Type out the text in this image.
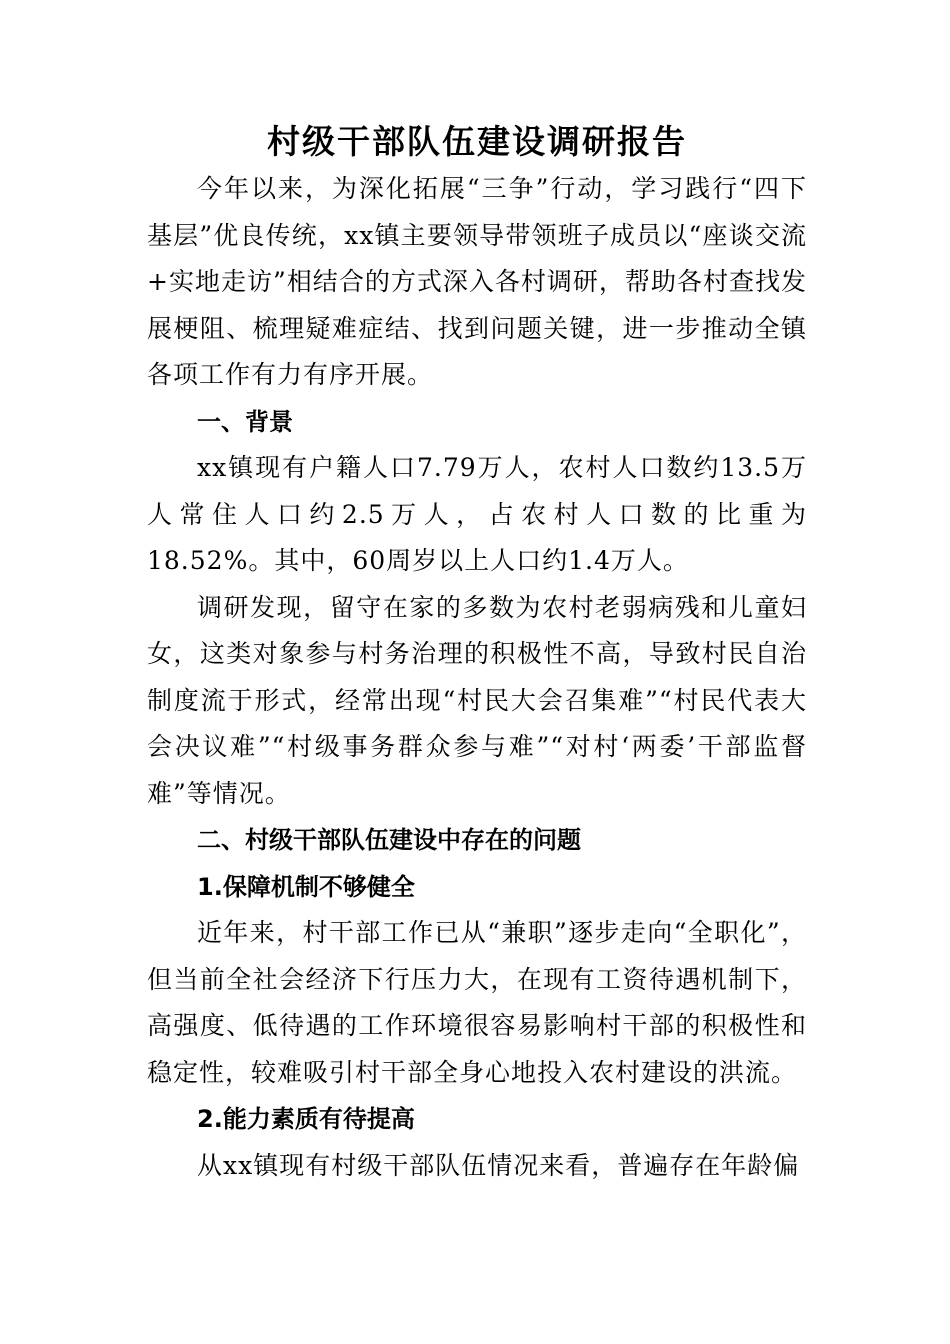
村级干部队伍建设调研报告

今年以来，为深化拓展“三争”行动，学习践行“四下基层”优良传统，xx镇主要领导带领班子成员以“座谈交流+实地走访”相结合的方式深入各村调研，帮助各村查找发展梗阻、梳理疑难症结、找到问题关键，进一步推动全镇各项工作有力有序开展。

一、背景

xx镇现有户籍人口7.79万人，农村人口数约13.5万人常住人口约2.5万人，占农村人口数的比重为18.52%。其中，60周岁以上人口约1.4万人。

调研发现，留守在家的多数为农村老弱病残和儿童妇女，这类对象参与村务治理的积极性不高，导致村民自治制度流于形式，经常出现“村民大会召集难”“村民代表大会决议难”“村级事务群众参与难”“对村‘两委’干部监督难”等情况。

二、村级干部队伍建设中存在的问题

1.保障机制不够健全

近年来，村干部工作已从“兼职”逐步走向“全职化”，但当前全社会经济下行压力大，在现有工资待遇机制下，高强度、低待遇的工作环境很容易影响村干部的积极性和稳定性，较难吸引村干部全身心地投入农村建设的洪流。

2.能力素质有待提高

从xx镇现有村级干部队伍情况来看，普遍存在年龄偏
